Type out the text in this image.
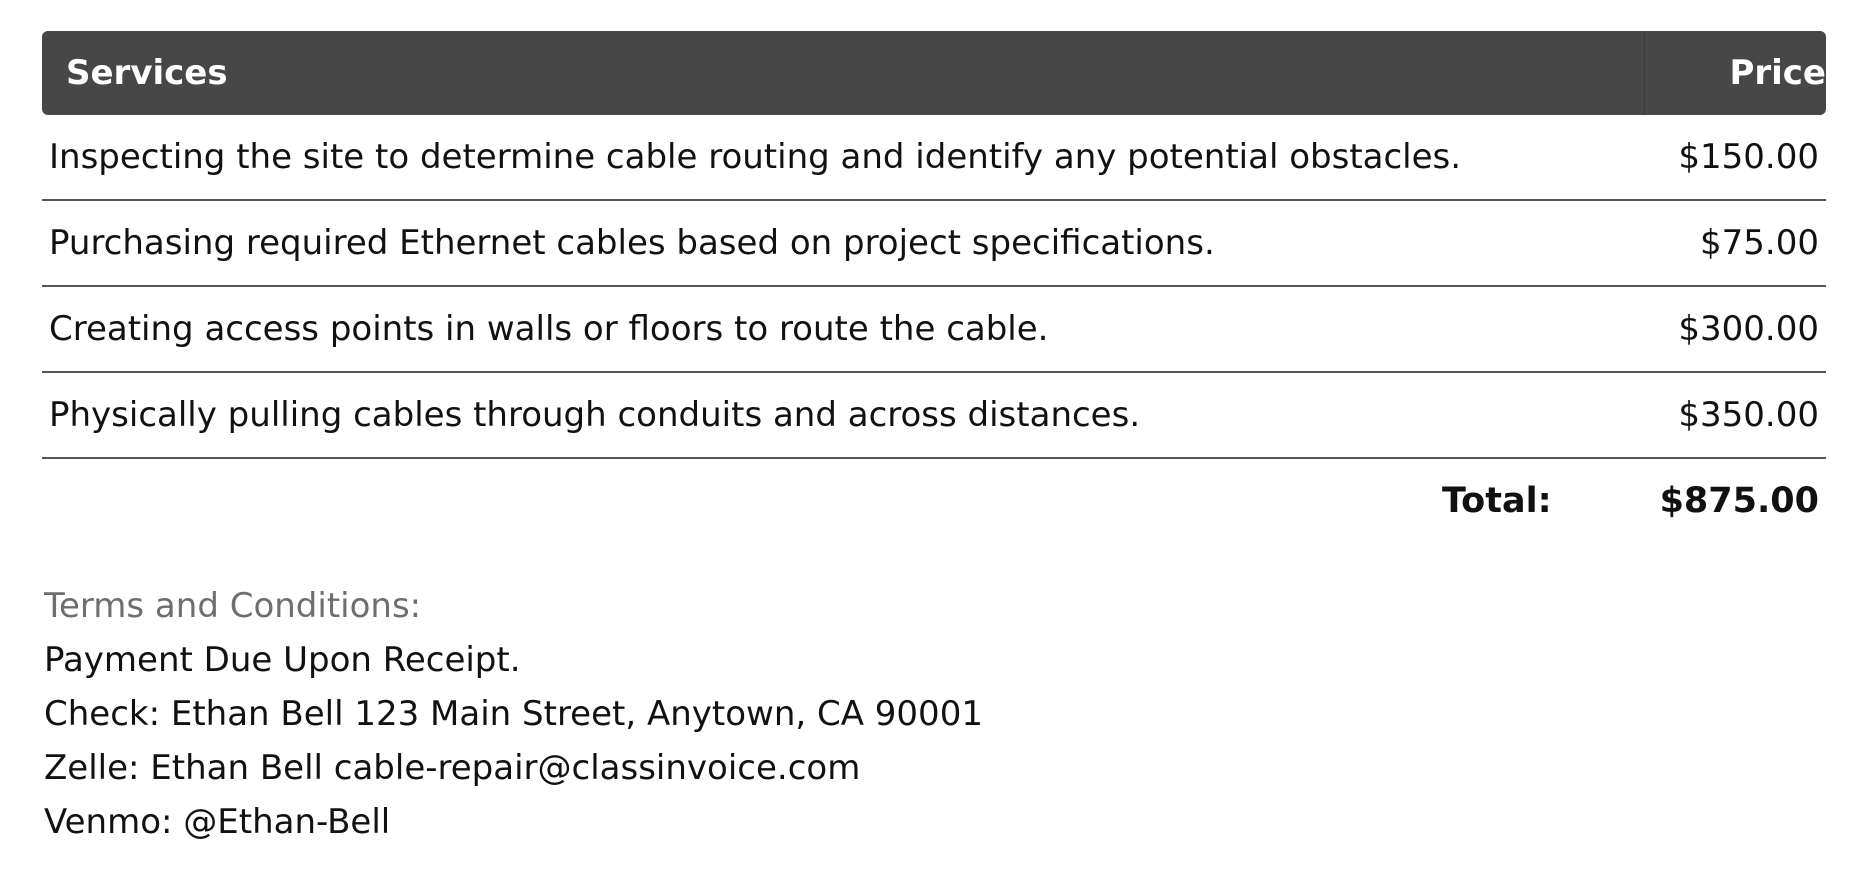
Services	Price
Inspecting the site to determine cable routing and identify any potential obstacles.	$150.00
Purchasing required Ethernet cables based on project specifications.	$75.00
Creating access points in walls or floors to route the cable.	$300.00
Physically pulling cables through conduits and across distances.	$350.00
Total:	$875.00
Terms and Conditions:
Payment Due Upon Receipt.
Check: Ethan Bell 123 Main Street, Anytown, CA 90001
Zelle: Ethan Bell cable-repair@classinvoice.com
Venmo: @Ethan-Bell
